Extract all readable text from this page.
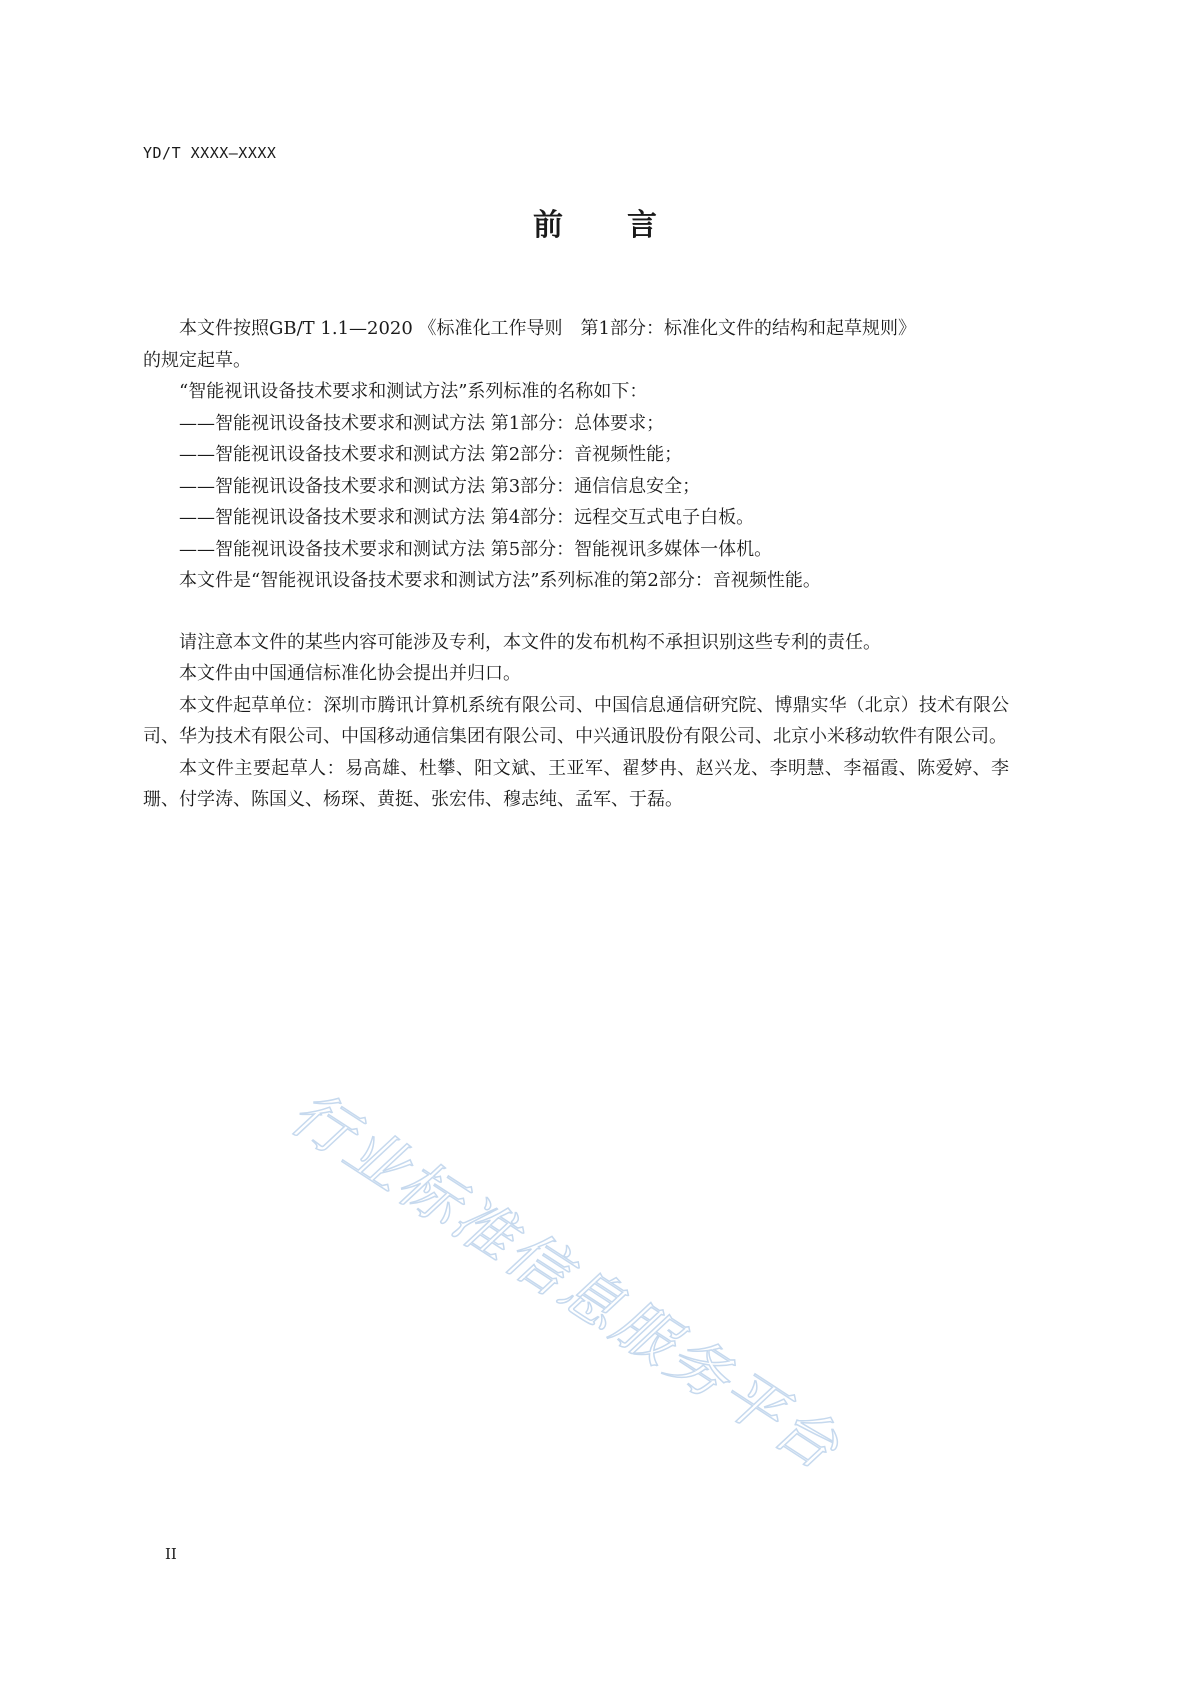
YD/T XXXX—XXXX
前 言

本文件按照GB/T 1.1—2020 《标准化工作导则　第1部分：标准化文件的结构和起草规则》

的规定起草。

“智能视讯设备技术要求和测试方法”系列标准的名称如下：

——智能视讯设备技术要求和测试方法 第1部分：总体要求；

——智能视讯设备技术要求和测试方法 第2部分：音视频性能；

——智能视讯设备技术要求和测试方法 第3部分：通信信息安全；

——智能视讯设备技术要求和测试方法 第4部分：远程交互式电子白板。

——智能视讯设备技术要求和测试方法 第5部分：智能视讯多媒体一体机。

本文件是“智能视讯设备技术要求和测试方法”系列标准的第2部分：音视频性能。

请注意本文件的某些内容可能涉及专利，本文件的发布机构不承担识别这些专利的责任。

本文件由中国通信标准化协会提出并归口。

本文件起草单位：深圳市腾讯计算机系统有限公司、中国信息通信研究院、博鼎实华（北京）技术有限公司、华为技术有限公司、中国移动通信集团有限公司、中兴通讯股份有限公司、北京小米移动软件有限公司。

本文件主要起草人：易高雄、杜攀、阳文斌、王亚军、翟梦冉、赵兴龙、李明慧、李福霞、陈爱婷、李珊、付学涛、陈国义、杨琛、黄挺、张宏伟、穆志纯、孟军、于磊。

行业标准信息服务平台
II
